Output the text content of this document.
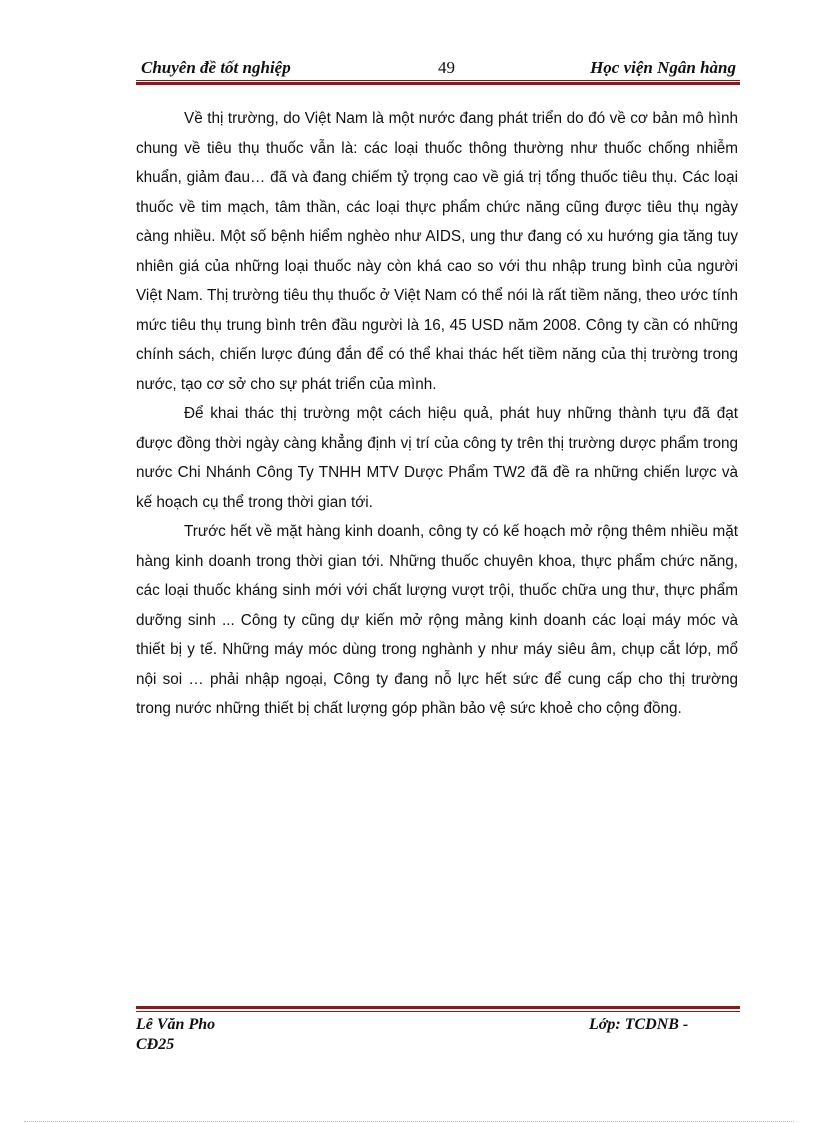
Chuyên đề tốt nghiệp	49	Học viện Ngân hàng

Về thị trường, do Việt Nam là một nước đang phát triển do đó về cơ bản mô hình chung về tiêu thụ thuốc vẫn là: các loại thuốc thông thường như thuốc chống nhiễm khuẩn, giảm đau… đã và đang chiếm tỷ trọng cao về giá trị tổng thuốc tiêu thụ. Các loại thuốc về tim mạch, tâm thần, các loại thực phẩm chức năng cũng được tiêu thụ ngày càng nhiều. Một số bệnh hiểm nghèo như AIDS, ung thư đang có xu hướng gia tăng tuy nhiên giá của những loại thuốc này còn khá cao so với thu nhập trung bình của người Việt Nam. Thị trường tiêu thụ thuốc ở Việt Nam có thể nói là rất tiềm năng, theo ước tính mức tiêu thụ trung bình trên đầu người là 16, 45 USD năm 2008. Công ty cần có những chính sách, chiến lược đúng đắn để có thể khai thác hết tiềm năng của thị trường trong nước, tạo cơ sở cho sự phát triển của mình.

Để khai thác thị trường một cách hiệu quả, phát huy những thành tựu đã đạt được đồng thời ngày càng khẳng định vị trí của công ty trên thị trường dược phẩm trong nước Chi Nhánh Công Ty TNHH MTV Dược Phẩm TW2 đã đề ra những chiến lược và kế hoạch cụ thể trong thời gian tới.

Trước hết về mặt hàng kinh doanh, công ty có kế hoạch mở rộng thêm nhiều mặt hàng kinh doanh trong thời gian tới. Những thuốc chuyên khoa, thực phẩm chức năng, các loại thuốc kháng sinh mới với chất lượng vượt trội, thuốc chữa ung thư, thực phẩm dưỡng sinh ... Công ty cũng dự kiến mở rộng mảng kinh doanh các loại máy móc và thiết bị y tế. Những máy móc dùng trong nghành y như máy siêu âm, chụp cắt lớp, mổ nội soi … phải nhập ngoại, Công ty đang nỗ lực hết sức để cung cấp cho thị trường trong nước những thiết bị chất lượng góp phần bảo vệ sức khoẻ cho cộng đồng.

Lê Văn Pho	Lớp: TCDNB -
CĐ25
